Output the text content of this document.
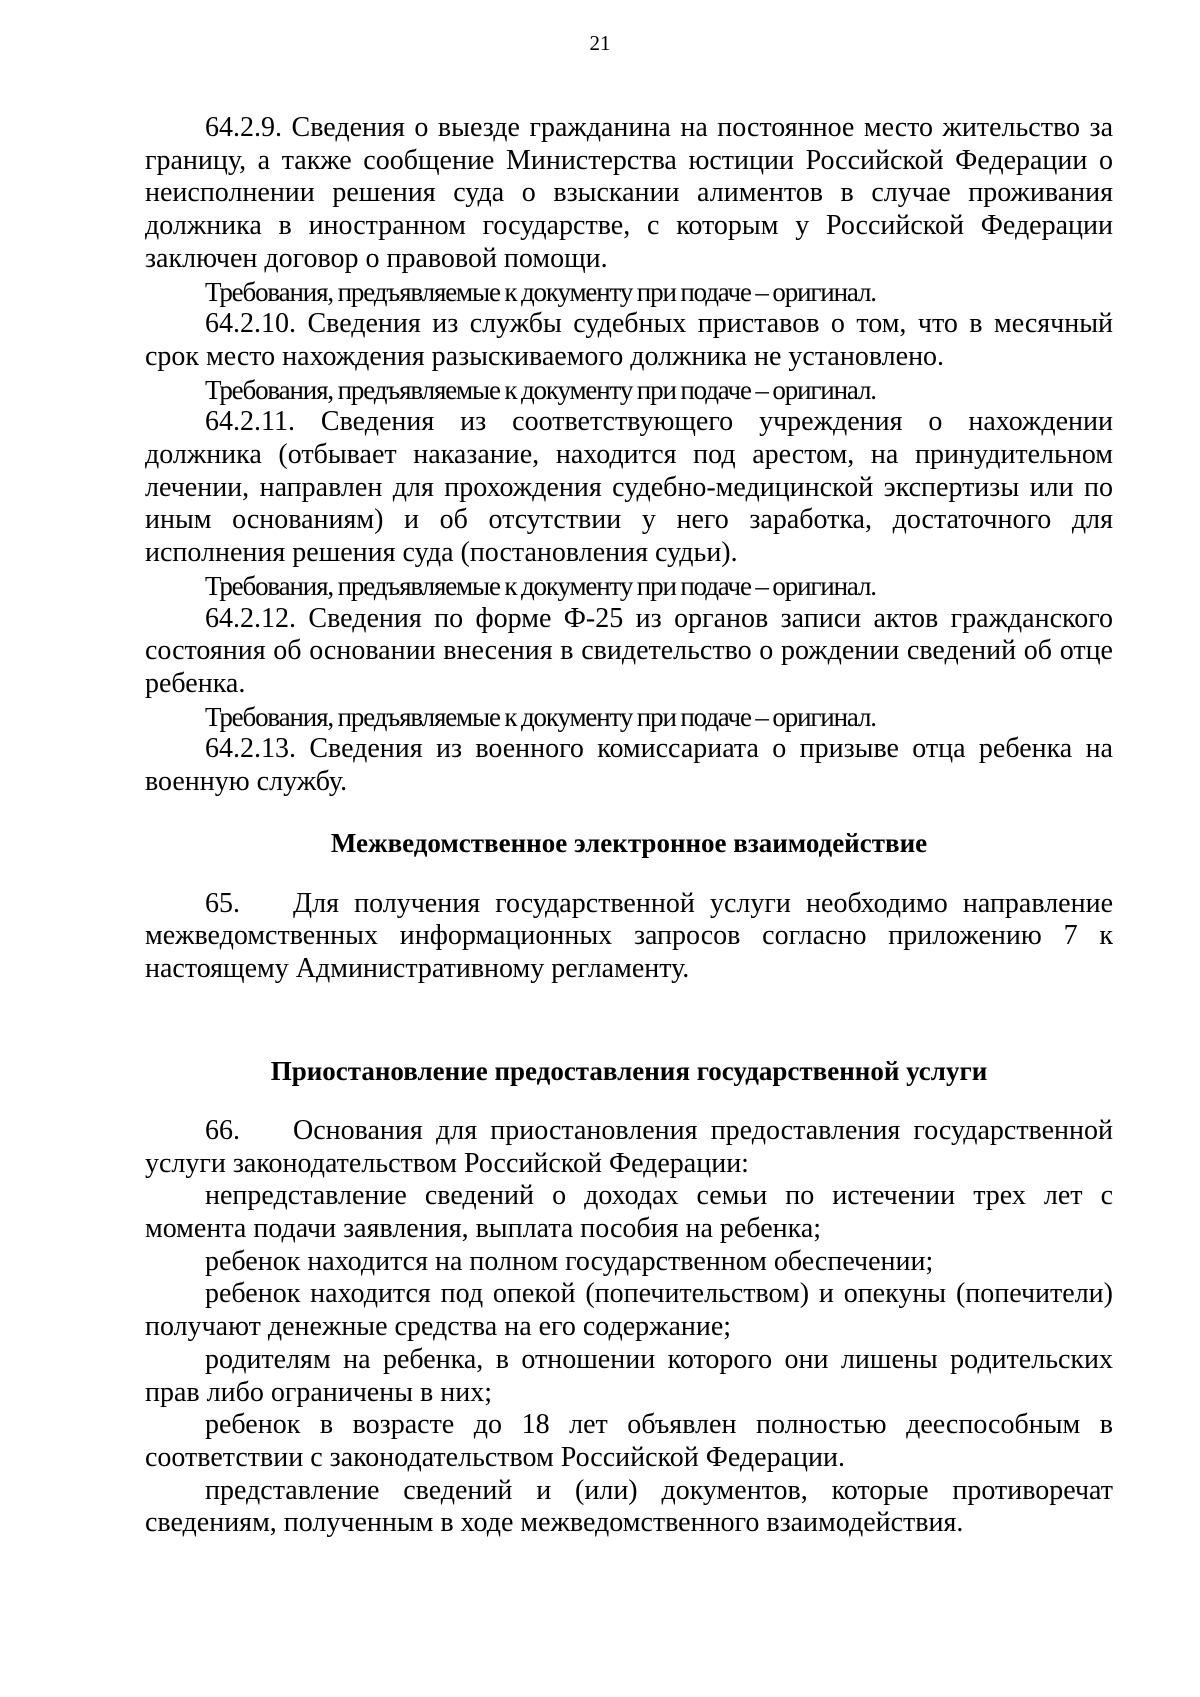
21

64.2.9. Сведения о выезде гражданина на постоянное место жительство за границу, а также сообщение Министерства юстиции Российской Федерации о неисполнении решения суда о взыскании алиментов в случае проживания должника в иностранном государстве, с которым у Российской Федерации заключен договор о правовой помощи.

Требования, предъявляемые к документу при подаче – оригинал.

64.2.10. Сведения из службы судебных приставов о том, что в месячный срок место нахождения разыскиваемого должника не установлено.

Требования, предъявляемые к документу при подаче – оригинал.

64.2.11. Сведения из соответствующего учреждения о нахождении должника (отбывает наказание, находится под арестом, на принудительном лечении, направлен для прохождения судебно-медицинской экспертизы или по иным основаниям) и об отсутствии у него заработка, достаточного для исполнения решения суда (постановления судьи).

Требования, предъявляемые к документу при подаче – оригинал.

64.2.12. Сведения по форме Ф-25 из органов записи актов гражданского состояния об основании внесения в свидетельство о рождении сведений об отце ребенка.

Требования, предъявляемые к документу при подаче – оригинал.

64.2.13. Сведения из военного комиссариата о призыве отца ребенка на военную службу.

Межведомственное электронное взаимодействие

65. Для получения государственной услуги необходимо направление межведомственных информационных запросов согласно приложению 7 к настоящему Административному регламенту.

Приостановление предоставления государственной услуги

66. Основания для приостановления предоставления государственной услуги законодательством Российской Федерации:

непредставление сведений о доходах семьи по истечении трех лет с момента подачи заявления, выплата пособия на ребенка;

ребенок находится на полном государственном обеспечении;

ребенок находится под опекой (попечительством) и опекуны (попечители) получают денежные средства на его содержание;

родителям на ребенка, в отношении которого они лишены родительских прав либо ограничены в них;

ребенок в возрасте до 18 лет объявлен полностью дееспособным в соответствии с законодательством Российской Федерации.

представление сведений и (или) документов, которые противоречат сведениям, полученным в ходе межведомственного взаимодействия.
